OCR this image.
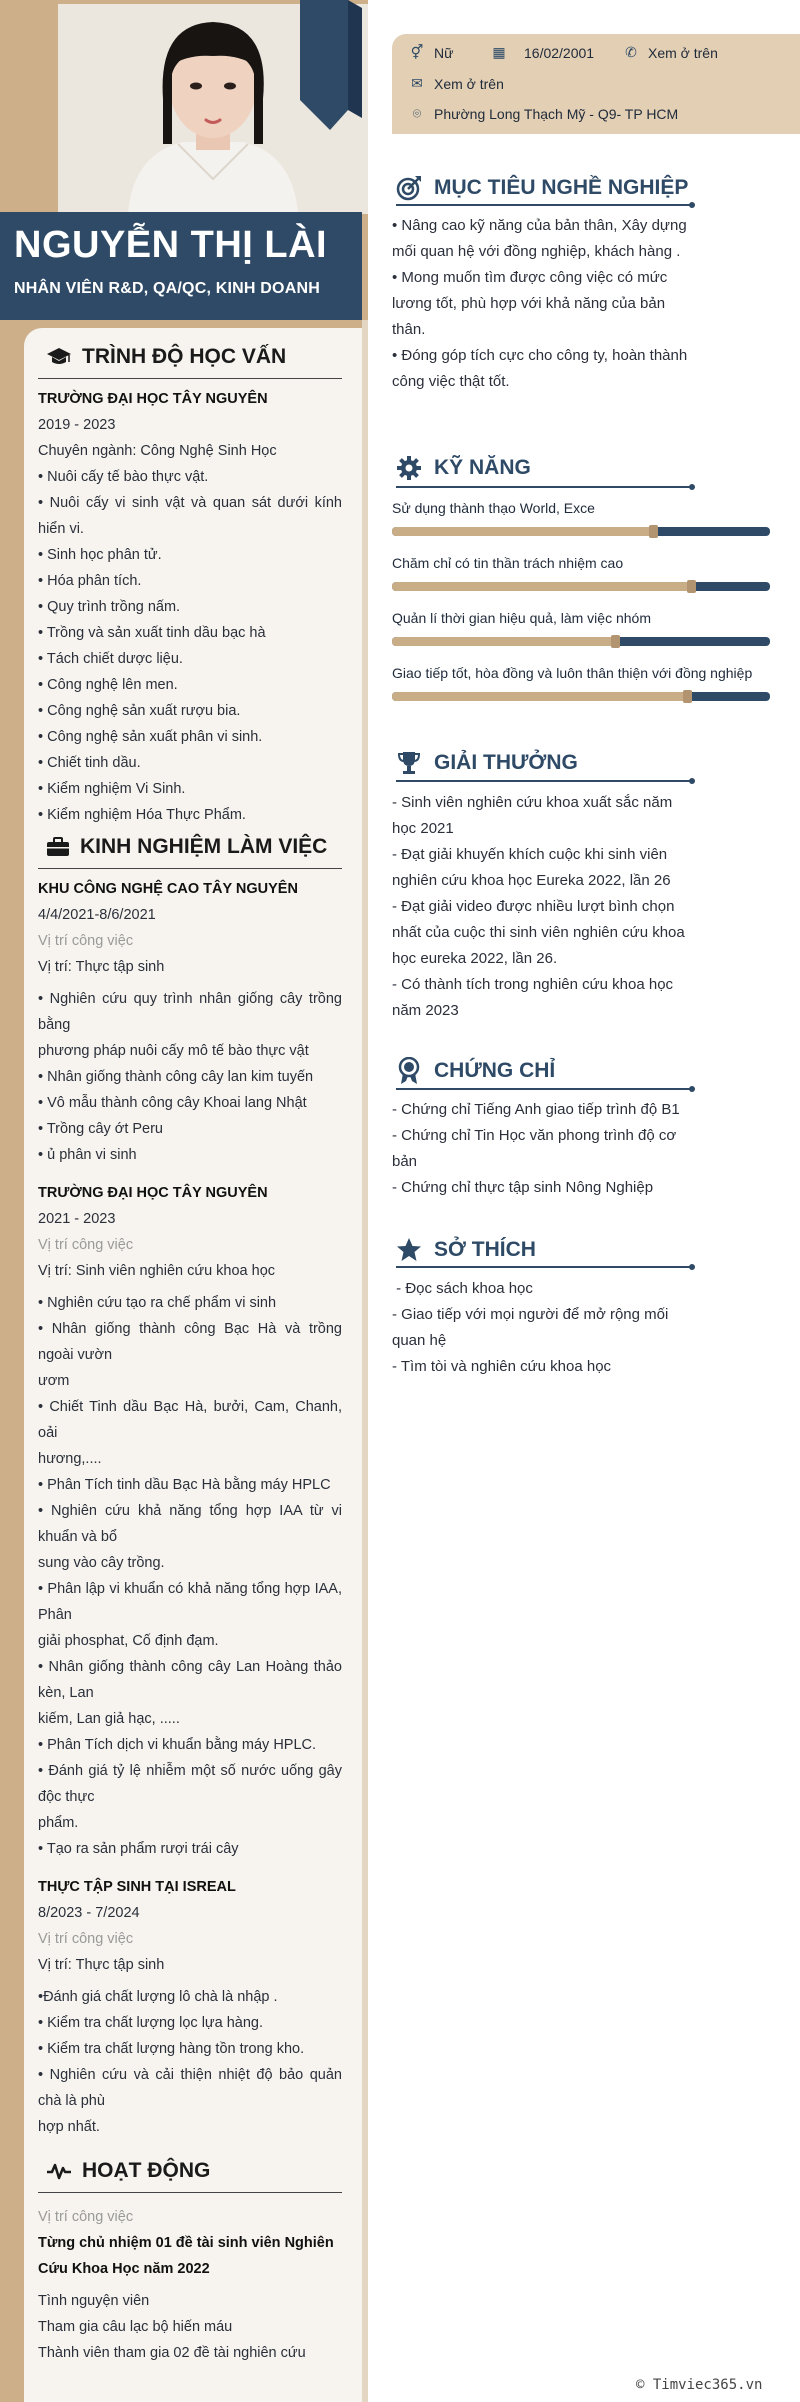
NGUYỄN THỊ LÀI
NHÂN VIÊN R&D, QA/QC, KINH DOANH
TRÌNH ĐỘ HỌC VẤN

TRƯỜNG ĐẠI HỌC TÂY NGUYÊN

2019 - 2023

Chuyên ngành: Công Nghệ Sinh Học

• Nuôi cấy tế bào thực vật.

• Nuôi cấy vi sinh vật và quan sát dưới kính hiển vi.

• Sinh học phân tử.

• Hóa phân tích.

• Quy trình trồng nấm.

• Trồng và sản xuất tinh dầu bạc hà

• Tách chiết dược liệu.

• Công nghệ lên men.

• Công nghệ sản xuất rượu bia.

• Công nghệ sản xuất phân vi sinh.

• Chiết tinh dầu.

• Kiểm nghiệm Vi Sinh.

• Kiểm nghiệm Hóa Thực Phẩm.

KINH NGHIỆM LÀM VIỆC

KHU CÔNG NGHỆ CAO TÂY NGUYÊN

4/4/2021-8/6/2021

Vị trí công việc

Vị trí: Thực tập sinh

• Nghiên cứu quy trình nhân giống cây trồng bằng

phương pháp nuôi cấy mô tế bào thực vật

• Nhân giống thành công cây lan kim tuyến

• Vô mẫu thành công cây Khoai lang Nhật

• Trồng cây ớt Peru

• ủ phân vi sinh

TRƯỜNG ĐẠI HỌC TÂY NGUYÊN

2021 - 2023

Vị trí công việc

Vị trí: Sinh viên nghiên cứu khoa học

• Nghiên cứu tạo ra chế phẩm vi sinh

• Nhân giống thành công Bạc Hà và trồng ngoài vườn

ươm

• Chiết Tinh dầu Bạc Hà, bưởi, Cam, Chanh, oải

hương,....

• Phân Tích tinh dầu Bạc Hà bằng máy HPLC

• Nghiên cứu khả năng tổng hợp IAA từ vi khuẩn và bổ

sung vào cây trồng.

• Phân lập vi khuẩn có khả năng tổng hợp IAA, Phân

giải phosphat, Cố định đạm.

• Nhân giống thành công cây Lan Hoàng thảo kèn, Lan

kiếm, Lan giả hạc, .....

• Phân Tích dịch vi khuẩn bằng máy HPLC.

• Đánh giá tỷ lệ nhiễm một số nước uống gây độc thực

phẩm.

• Tạo ra sản phẩm rượi trái cây

THỰC TẬP SINH TẠI ISREAL

8/2023 - 7/2024

Vị trí công việc

Vị trí: Thực tập sinh

•Đánh giá chất lượng lô chà là nhập .

• Kiểm tra chất lượng lọc lựa hàng.

• Kiểm tra chất lượng hàng tồn trong kho.

• Nghiên cứu và cải thiện nhiệt độ bảo quản chà là phù

hợp nhất.

HOẠT ĐỘNG

Vị trí công việc

Từng chủ nhiệm 01 đề tài sinh viên Nghiên Cứu Khoa Học năm 2022

Tình nguyện viên

Tham gia câu lạc bộ hiến máu

Thành viên tham gia 02 đề tài nghiên cứu

⚥ Nữ	▦ 16/02/2001 ✆ Xem ở trên
✉ Xem ở trên
⌾ Phường Long Thạch Mỹ - Q9- TP HCM
MỤC TIÊU NGHỀ NGHIỆP

• Nâng cao kỹ năng của bản thân, Xây dựng mối quan hệ với đồng nghiệp, khách hàng .

• Mong muốn tìm được công việc có mức lương tốt, phù hợp với khả năng của bản thân.

• Đóng góp tích cực cho công ty, hoàn thành công việc thật tốt.

KỸ NĂNG
Sử dụng thành thạo World, Exce
Chăm chỉ có tin thần trách nhiệm cao
Quản lí thời gian hiệu quả, làm việc nhóm
Giao tiếp tốt, hòa đồng và luôn thân thiện với đồng nghiệp
GIẢI THƯỞNG

- Sinh viên nghiên cứu khoa xuất sắc năm học 2021

- Đạt giải khuyến khích cuộc khi sinh viên nghiên cứu khoa học Eureka 2022, lần 26

- Đạt giải video được nhiều lượt bình chọn nhất của cuộc thi sinh viên nghiên cứu khoa học eureka 2022, lần 26.

- Có thành tích trong nghiên cứu khoa học năm 2023

CHỨNG CHỈ

- Chứng chỉ Tiếng Anh giao tiếp trình độ B1

- Chứng chỉ Tin Học văn phong trình độ cơ bản

- Chứng chỉ thực tập sinh Nông Nghiệp

SỞ THÍCH

- Đọc sách khoa học

- Giao tiếp với mọi người để mở rộng mối quan hệ

- Tìm tòi và nghiên cứu khoa học

© Timviec365.vn
